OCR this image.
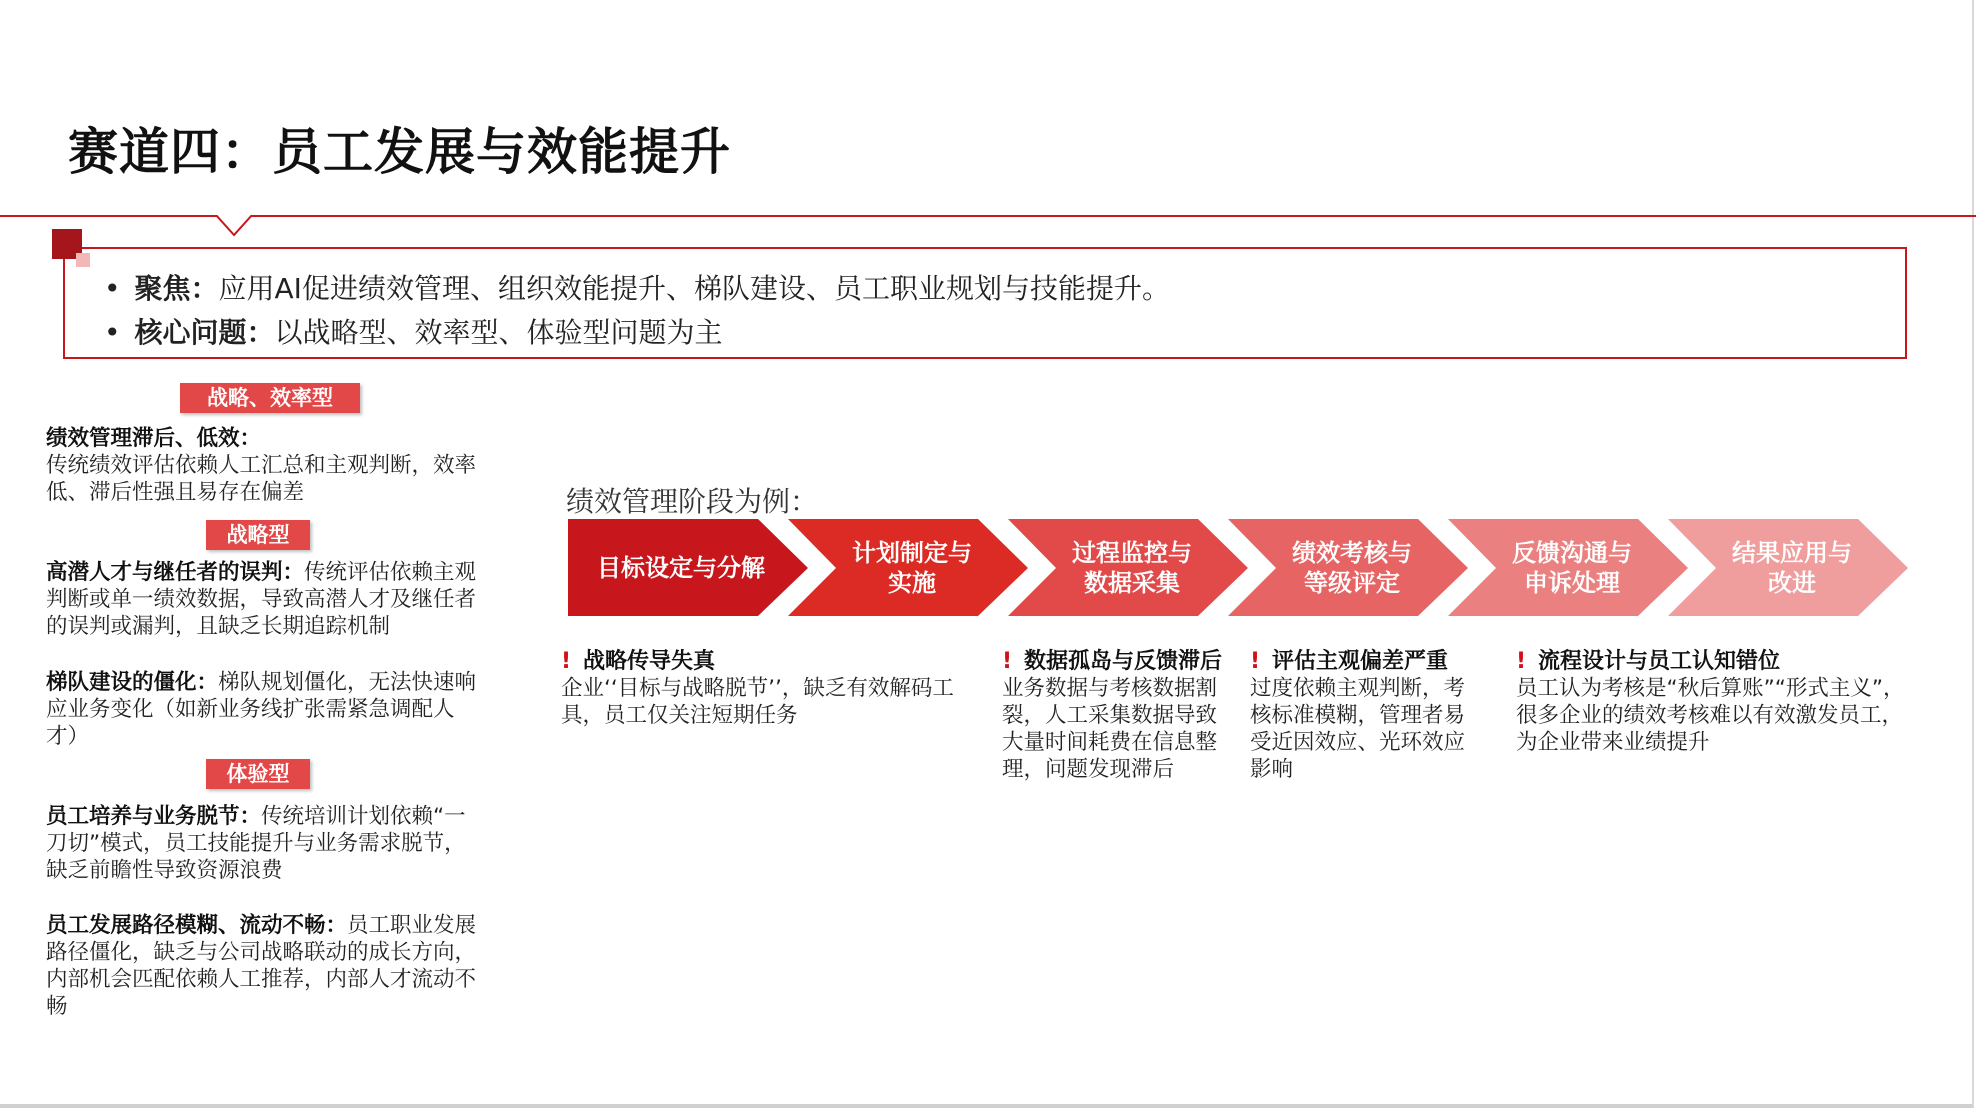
赛道四：员工发展与效能提升
• 聚焦：应用AI促进绩效管理、组织效能提升、梯队建设、员工职业规划与技能提升。
• 核心问题：以战略型、效率型、体验型问题为主
战略、效率型
绩效管理滞后、低效：
传统绩效评估依赖人工汇总和主观判断，效率低、滞后性强且易存在偏差
战略型
高潜人才与继任者的误判：传统评估依赖主观判断或单一绩效数据，导致高潜人才及继任者的误判或漏判，且缺乏长期追踪机制
梯队建设的僵化：梯队规划僵化，无法快速响应业务变化（如新业务线扩张需紧急调配人才）
体验型
员工培养与业务脱节：传统培训计划依赖“一刀切”模式，员工技能提升与业务需求脱节，缺乏前瞻性导致资源浪费
员工发展路径模糊、流动不畅：员工职业发展路径僵化，缺乏与公司战略联动的成长方向，内部机会匹配依赖人工推荐，内部人才流动不畅
绩效管理阶段为例：
目标设定与分解
计划制定与
实施
过程监控与
数据采集
绩效考核与
等级评定
反馈沟通与
申诉处理
结果应用与
改进
! 战略传导失真
企业‘‘目标与战略脱节’’，缺乏有效解码工具，员工仅关注短期任务
! 数据孤岛与反馈滞后
业务数据与考核数据割裂，人工采集数据导致大量时间耗费在信息整理，问题发现滞后
! 评估主观偏差严重
过度依赖主观判断，考核标准模糊，管理者易受近因效应、光环效应影响
! 流程设计与员工认知错位
员工认为考核是“秋后算账”“形式主义”，很多企业的绩效考核难以有效激发员工，为企业带来业绩提升
